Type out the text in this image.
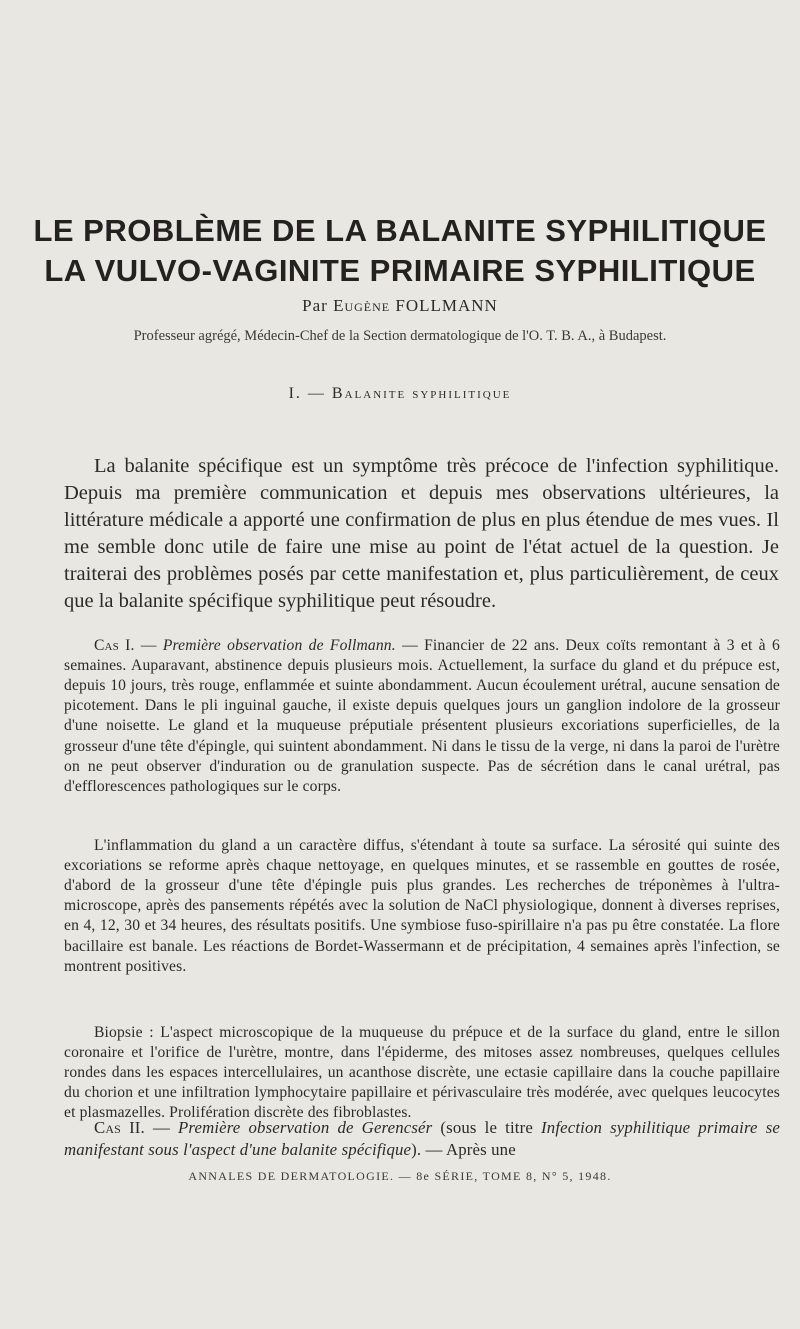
LE PROBLÈME DE LA BALANITE SYPHILITIQUE
LA VULVO-VAGINITE PRIMAIRE SYPHILITIQUE
Par Eugène FOLLMANN
Professeur agrégé, Médecin-Chef de la Section dermatologique de l'O. T. B. A., à Budapest.
I. — Balanite syphilitique

La balanite spécifique est un symptôme très précoce de l'infection syphilitique. Depuis ma première communication et depuis mes observations ultérieures, la littérature médicale a apporté une confirmation de plus en plus étendue de mes vues. Il me semble donc utile de faire une mise au point de l'état actuel de la question. Je traiterai des problèmes posés par cette manifestation et, plus particulièrement, de ceux que la balanite spécifique syphilitique peut résoudre.

Cas I. — Première observation de Follmann. — Financier de 22 ans. Deux coïts remontant à 3 et à 6 semaines. Auparavant, abstinence depuis plusieurs mois. Actuellement, la surface du gland et du prépuce est, depuis 10 jours, très rouge, enflammée et suinte abondamment. Aucun écoulement urétral, aucune sensation de picotement. Dans le pli inguinal gauche, il existe depuis quelques jours un ganglion indolore de la grosseur d'une noisette. Le gland et la muqueuse préputiale présentent plusieurs excoriations superficielles, de la grosseur d'une tête d'épingle, qui suintent abondamment. Ni dans le tissu de la verge, ni dans la paroi de l'urètre on ne peut observer d'induration ou de granulation suspecte. Pas de sécrétion dans le canal urétral, pas d'efflorescences pathologiques sur le corps.

L'inflammation du gland a un caractère diffus, s'étendant à toute sa surface. La sérosité qui suinte des excoriations se reforme après chaque nettoyage, en quelques minutes, et se rassemble en gouttes de rosée, d'abord de la grosseur d'une tête d'épingle puis plus grandes. Les recherches de tréponèmes à l'ultra-microscope, après des pansements répétés avec la solution de NaCl physiologique, donnent à diverses reprises, en 4, 12, 30 et 34 heures, des résultats positifs. Une symbiose fuso-spirillaire n'a pas pu être constatée. La flore bacillaire est banale. Les réactions de Bordet-Wassermann et de précipitation, 4 semaines après l'infection, se montrent positives.

Biopsie : L'aspect microscopique de la muqueuse du prépuce et de la surface du gland, entre le sillon coronaire et l'orifice de l'urètre, montre, dans l'épiderme, des mitoses assez nombreuses, quelques cellules rondes dans les espaces intercellulaires, un acanthose discrète, une ectasie capillaire dans la couche papillaire du chorion et une infiltration lymphocytaire papillaire et périvasculaire très modérée, avec quelques leucocytes et plasmazelles. Prolifération discrète des fibroblastes.

Cas II. — Première observation de Gerencsér (sous le titre Infection syphilitique primaire se manifestant sous l'aspect d'une balanite spécifique). — Après une

ANNALES DE DERMATOLOGIE. — 8e SÉRIE, TOME 8, N° 5, 1948.
